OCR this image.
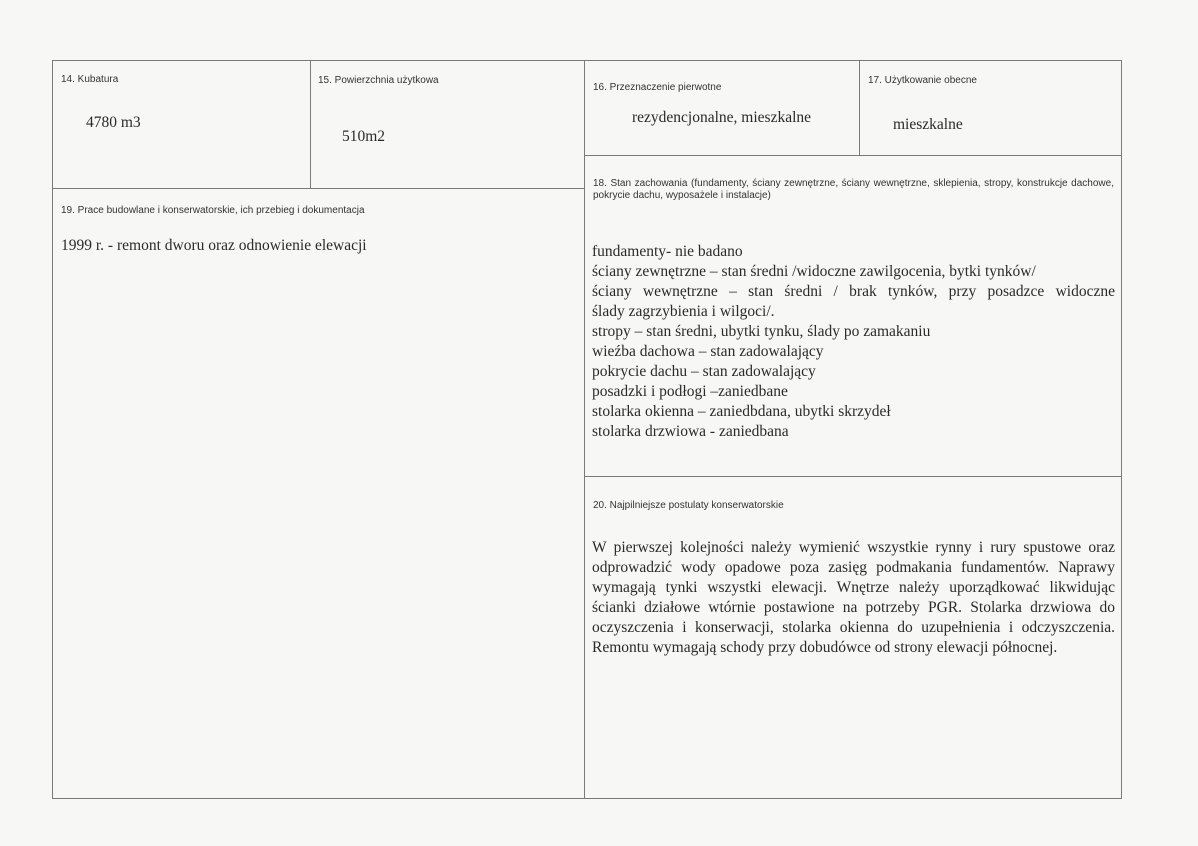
14. Kubatura
4780 m3
15. Powierzchnia użytkowa
510m2
16. Przeznaczenie pierwotne
rezydencjonalne, mieszkalne
17. Użytkowanie obecne
mieszkalne
18. Stan zachowania (fundamenty, ściany zewnętrzne, ściany wewnętrzne, sklepienia, stropy, konstrukcje dachowe, pokrycie dachu, wyposażele i instalacje)
fundamenty- nie badano
ściany zewnętrzne – stan średni /widoczne zawilgocenia, bytki tynków/
ściany wewnętrzne – stan średni / brak tynków, przy posadzce widoczne
ślady zagrzybienia i wilgoci/.
stropy – stan średni, ubytki tynku, ślady po zamakaniu
wieźba dachowa – stan zadowalający
pokrycie dachu – stan zadowalający
posadzki i podłogi –zaniedbane
stolarka okienna – zaniedbdana, ubytki skrzydeł
stolarka drzwiowa - zaniedbana
19. Prace budowlane i konserwatorskie, ich przebieg i dokumentacja
1999 r. - remont dworu oraz odnowienie elewacji
20. Najpilniejsze postulaty konserwatorskie
W pierwszej kolejności należy wymienić wszystkie rynny i rury spustowe oraz odprowadzić wody opadowe poza zasięg podmakania fundamentów. Naprawy wymagają tynki wszystki elewacji. Wnętrze należy uporządkować likwidując ścianki działowe wtórnie postawione na potrzeby PGR. Stolarka drzwiowa do oczyszczenia i konserwacji, stolarka okienna do uzupełnienia i odczyszczenia. Remontu wymagają schody przy dobudówce od strony elewacji północnej.
